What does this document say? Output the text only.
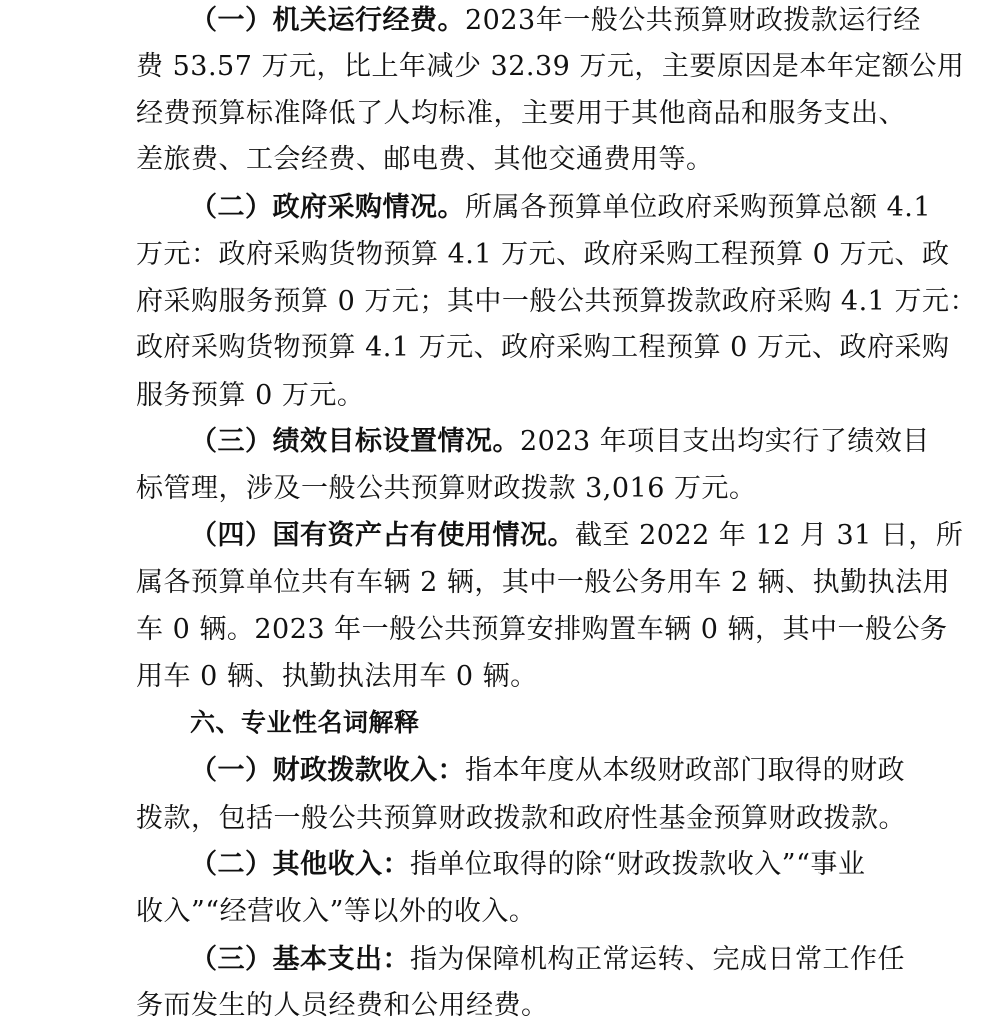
（一）机关运行经费。2023年一般公共预算财政拨款运行经
费 53.57 万元，比上年减少 32.39 万元，主要原因是本年定额公用
经费预算标准降低了人均标准，主要用于其他商品和服务支出、
差旅费、工会经费、邮电费、其他交通费用等。
（二）政府采购情况。所属各预算单位政府采购预算总额 4.1
万元：政府采购货物预算 4.1 万元、政府采购工程预算 0 万元、政
府采购服务预算 0 万元；其中一般公共预算拨款政府采购 4.1 万元：
政府采购货物预算 4.1 万元、政府采购工程预算 0 万元、政府采购
服务预算 0 万元。
（三）绩效目标设置情况。2023 年项目支出均实行了绩效目
标管理，涉及一般公共预算财政拨款 3,016 万元。
（四）国有资产占有使用情况。截至 2022 年 12 月 31 日，所
属各预算单位共有车辆 2 辆，其中一般公务用车 2 辆、执勤执法用
车 0 辆。2023 年一般公共预算安排购置车辆 0 辆，其中一般公务
用车 0 辆、执勤执法用车 0 辆。
六、专业性名词解释
（一）财政拨款收入：指本年度从本级财政部门取得的财政
拨款，包括一般公共预算财政拨款和政府性基金预算财政拨款。
（二）其他收入：指单位取得的除“财政拨款收入”“事业
收入”“经营收入”等以外的收入。
（三）基本支出：指为保障机构正常运转、完成日常工作任
务而发生的人员经费和公用经费。
